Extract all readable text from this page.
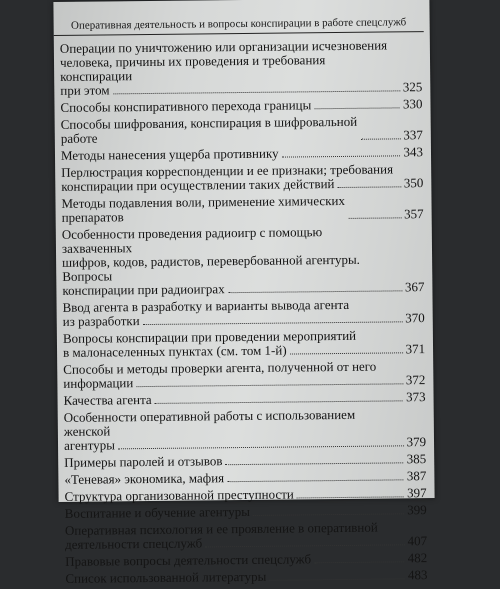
Оперативная деятельность и вопросы конспирации в работе спецслужб
Операции по уничтожению или организации исчезновения
человека, причины их проведения и требования конспирации
при этом	325
Способы конспиративного перехода границы	330
Способы шифрования, конспирация в шифровальной работе	337
Методы нанесения ущерба противнику	343
Перлюстрация корреспонденции и ее признаки; требования
конспирации при осуществлении таких действий	350
Методы подавления воли, применение химических препаратов	357
Особенности проведения радиоигр с помощью захваченных
шифров, кодов, радистов, перевербованной агентуры. Вопросы
конспирации при радиоиграх	367
Ввод агента в разработку и варианты вывода агента
из разработки	370
Вопросы конспирации при проведении мероприятий
в малонаселенных пунктах (см. том 1-й)	371
Способы и методы проверки агента, полученной от него
информации	372
Качества агента	373
Особенности оперативной работы с использованием женской
агентуры	379
Примеры паролей и отзывов	385
«Теневая» экономика, мафия	387
Структура организованной преступности	397
Воспитание и обучение агентуры	399
Оперативная психология и ее проявление в оперативной
деятельности спецслужб	407
Правовые вопросы деятельности спецслужб	482
Список использованной литературы	483
